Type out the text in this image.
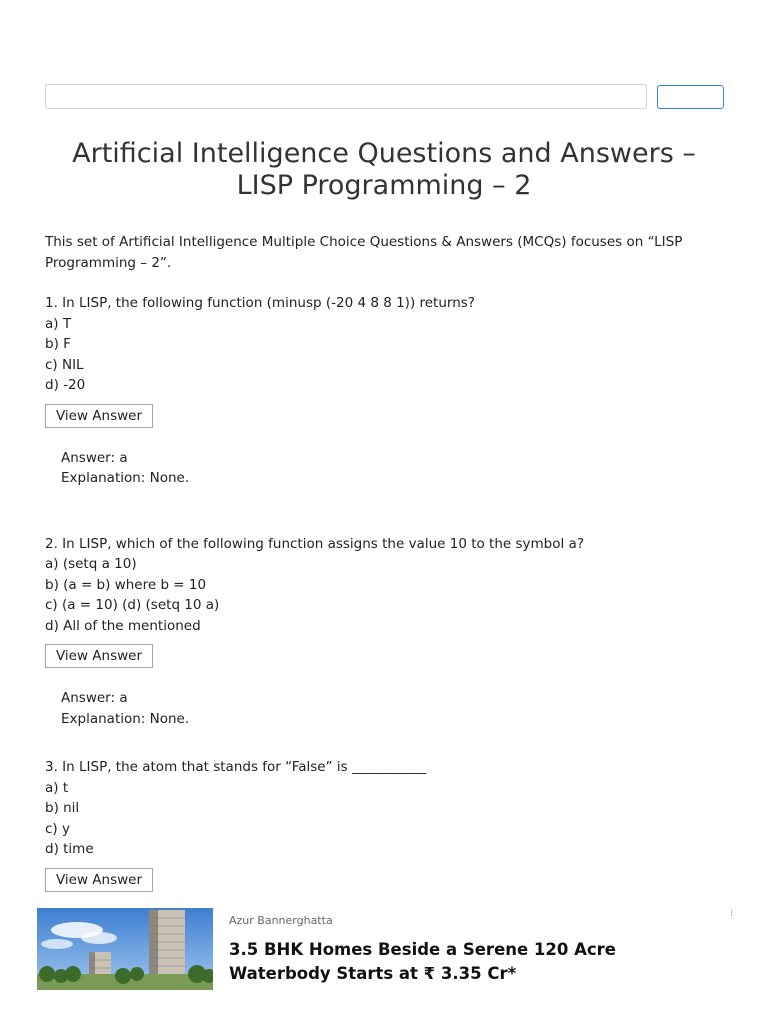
Artificial Intelligence Questions and Answers –
LISP Programming – 2

This set of Artificial Intelligence Multiple Choice Questions & Answers (MCQs) focuses on “LISP Programming – 2”.

1. In LISP, the following function (minusp (-20 4 8 8 1)) returns?
a) T
b) F
c) NIL
d) -20
View Answer
Answer: a
Explanation: None.
2. In LISP, which of the following function assigns the value 10 to the symbol a?
a) (setq a 10)
b) (a = b) where b = 10
c) (a = 10) (d) (setq 10 a)
d) All of the mentioned
View Answer
Answer: a
Explanation: None.
3. In LISP, the atom that stands for “False” is ___________
a) t
b) nil
c) y
d) time
View Answer
Azur Bannerghatta
3.5 BHK Homes Beside a Serene 120 Acre Waterbody Starts at ₹ 3.35 Cr*
⁝
